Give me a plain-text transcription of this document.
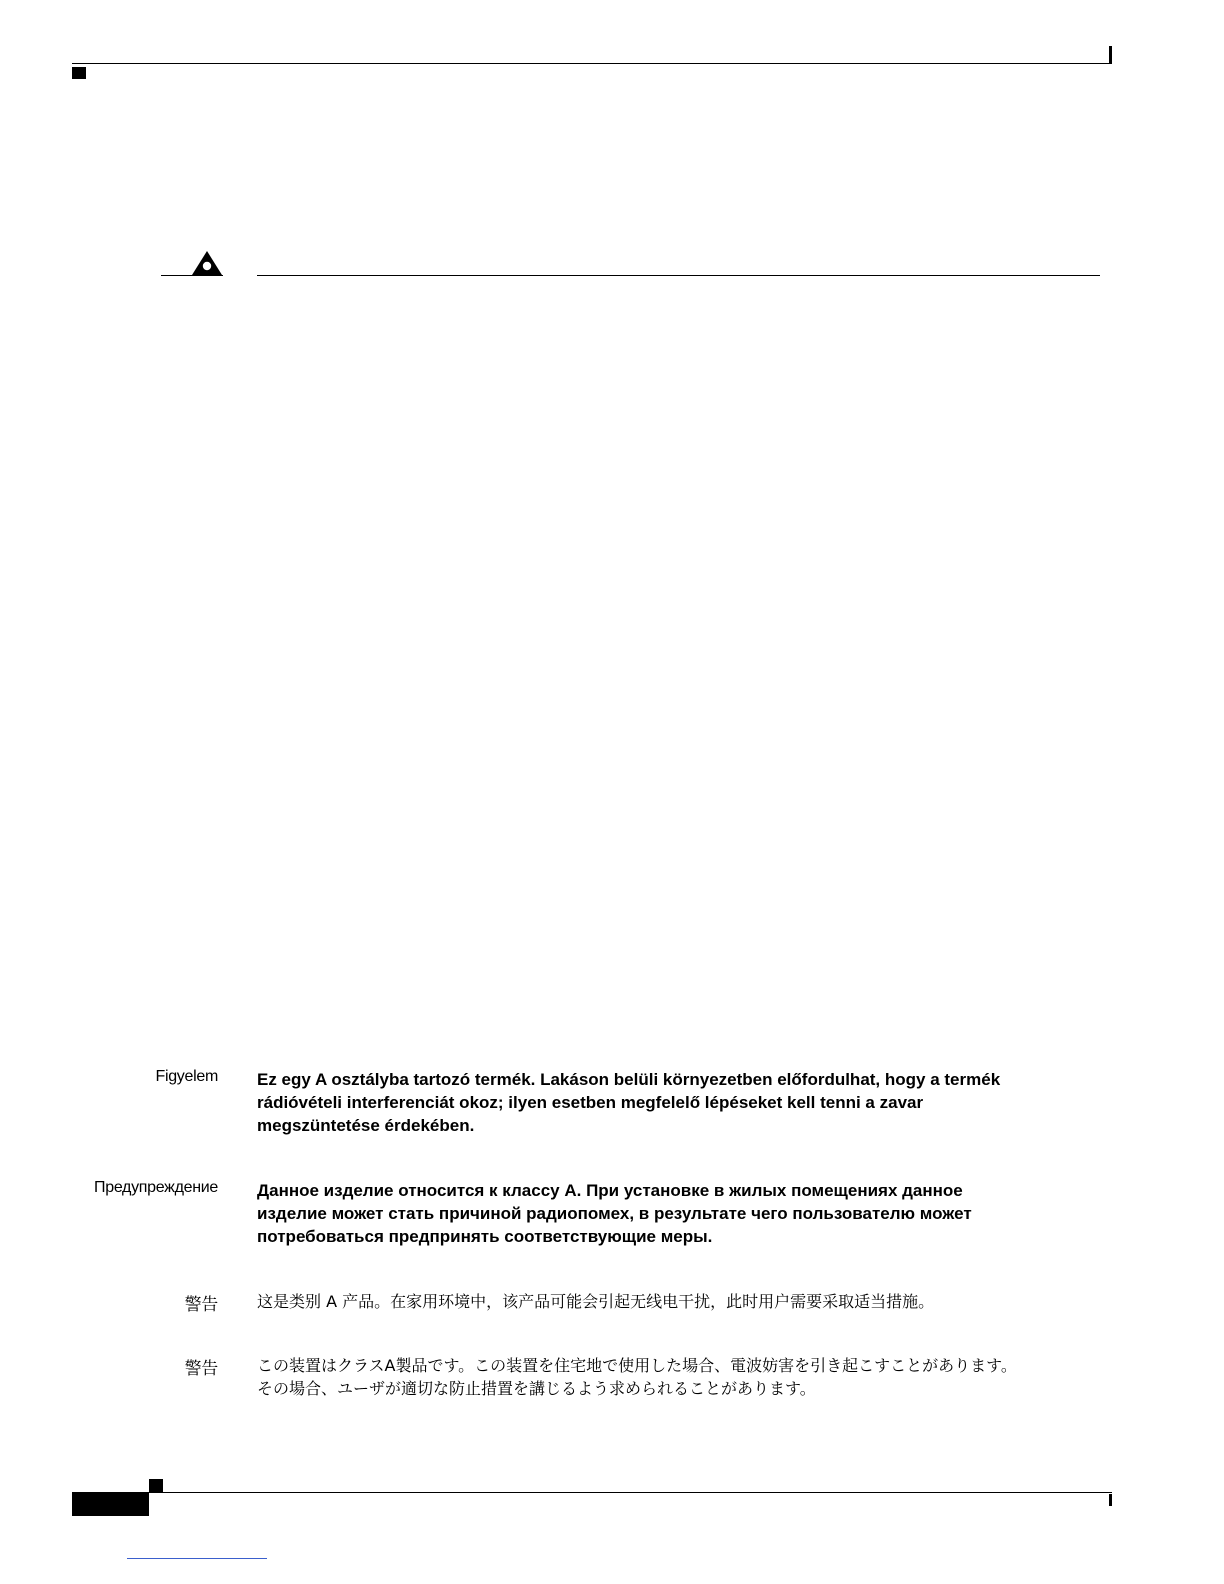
Figyelem Ez egy A osztályba tartozó termék. Lakáson belüli környezetben előfordulhat, hogy a termék
rádióvételi interferenciát okoz; ilyen esetben megfelelő lépéseket kell tenni a zavar
megszüntetése érdekében.
Предупреждение Данное изделие относится к классу А. При установке в жилых помещениях данное
изделие может стать причиной радиопомех, в результате чего пользователю может
потребоваться предпринять соответствующие меры.
警告 这是类别 A 产品。在家用环境中，该产品可能会引起无线电干扰，此时用户需要采取适当措施。
警告 この装置はクラスA製品です。この装置を住宅地で使用した場合、電波妨害を引き起こすことがあります。
その場合、ユーザが適切な防止措置を講じるよう求められることがあります。
